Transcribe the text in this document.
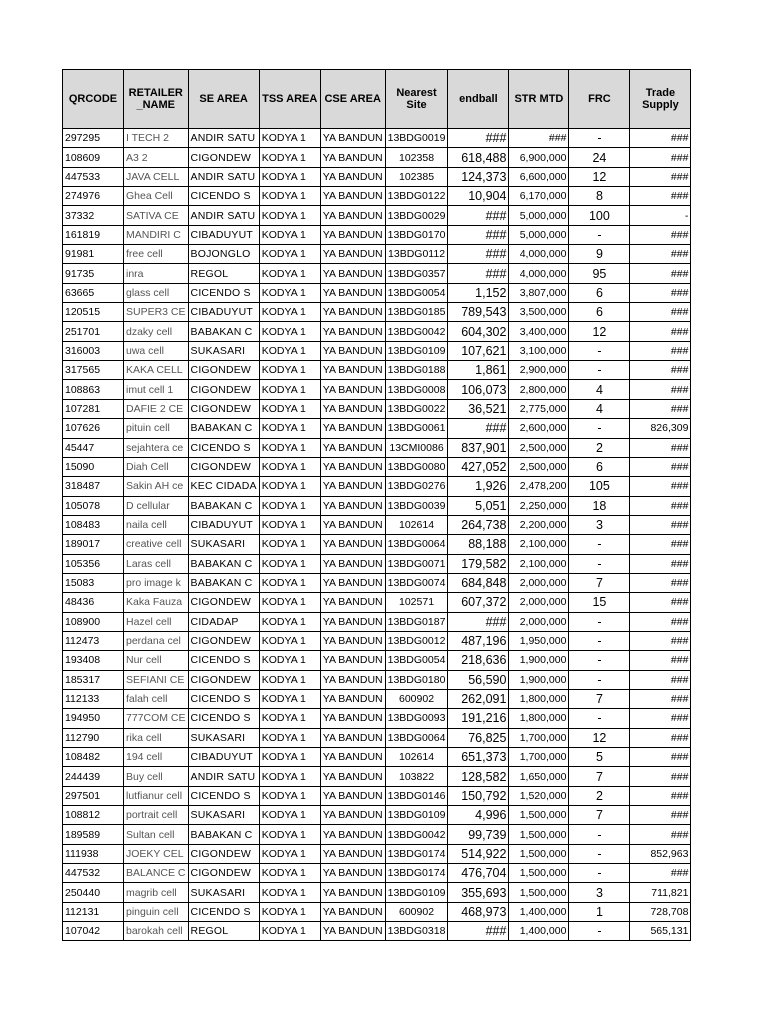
QRCODE	RETAILER _NAME	SE AREA	TSS AREA	CSE AREA	Nearest Site	endball	STR MTD	FRC	Trade Supply
297295	I TECH 2	ANDIR SATU	KODYA 1	YA BANDUN	13BDG0019	###	###	-	###
108609	A3 2	CIGONDEW	KODYA 1	YA BANDUN	102358	618,488	6,900,000	24	###
447533	JAVA CELL	ANDIR SATU	KODYA 1	YA BANDUN	102385	124,373	6,600,000	12	###
274976	Ghea Cell	CICENDO S	KODYA 1	YA BANDUN	13BDG0122	10,904	6,170,000	8	###
37332	SATIVA CE	ANDIR SATU	KODYA 1	YA BANDUN	13BDG0029	###	5,000,000	100	-
161819	MANDIRI C	CIBADUYUT	KODYA 1	YA BANDUN	13BDG0170	###	5,000,000	-	###
91981	free cell	BOJONGLO	KODYA 1	YA BANDUN	13BDG0112	###	4,000,000	9	###
91735	inra	REGOL	KODYA 1	YA BANDUN	13BDG0357	###	4,000,000	95	###
63665	glass cell	CICENDO S	KODYA 1	YA BANDUN	13BDG0054	1,152	3,807,000	6	###
120515	SUPER3 CE	CIBADUYUT	KODYA 1	YA BANDUN	13BDG0185	789,543	3,500,000	6	###
251701	dzaky cell	BABAKAN C	KODYA 1	YA BANDUN	13BDG0042	604,302	3,400,000	12	###
316003	uwa cell	SUKASARI	KODYA 1	YA BANDUN	13BDG0109	107,621	3,100,000	-	###
317565	KAKA CELL	CIGONDEW	KODYA 1	YA BANDUN	13BDG0188	1,861	2,900,000	-	###
108863	imut cell 1	CIGONDEW	KODYA 1	YA BANDUN	13BDG0008	106,073	2,800,000	4	###
107281	DAFIE 2 CE	CIGONDEW	KODYA 1	YA BANDUN	13BDG0022	36,521	2,775,000	4	###
107626	pituin cell	BABAKAN C	KODYA 1	YA BANDUN	13BDG0061	###	2,600,000	-	826,309
45447	sejahtera ce	CICENDO S	KODYA 1	YA BANDUN	13CMI0086	837,901	2,500,000	2	###
15090	Diah Cell	CIGONDEW	KODYA 1	YA BANDUN	13BDG0080	427,052	2,500,000	6	###
318487	Sakin AH ce	KEC CIDADA	KODYA 1	YA BANDUN	13BDG0276	1,926	2,478,200	105	###
105078	D cellular	BABAKAN C	KODYA 1	YA BANDUN	13BDG0039	5,051	2,250,000	18	###
108483	naila cell	CIBADUYUT	KODYA 1	YA BANDUN	102614	264,738	2,200,000	3	###
189017	creative cell	SUKASARI	KODYA 1	YA BANDUN	13BDG0064	88,188	2,100,000	-	###
105356	Laras cell	BABAKAN C	KODYA 1	YA BANDUN	13BDG0071	179,582	2,100,000	-	###
15083	pro image k	BABAKAN C	KODYA 1	YA BANDUN	13BDG0074	684,848	2,000,000	7	###
48436	Kaka Fauza	CIGONDEW	KODYA 1	YA BANDUN	102571	607,372	2,000,000	15	###
108900	Hazel cell	CIDADAP	KODYA 1	YA BANDUN	13BDG0187	###	2,000,000	-	###
112473	perdana cel	CIGONDEW	KODYA 1	YA BANDUN	13BDG0012	487,196	1,950,000	-	###
193408	Nur cell	CICENDO S	KODYA 1	YA BANDUN	13BDG0054	218,636	1,900,000	-	###
185317	SEFIANI CE	CIGONDEW	KODYA 1	YA BANDUN	13BDG0180	56,590	1,900,000	-	###
112133	falah cell	CICENDO S	KODYA 1	YA BANDUN	600902	262,091	1,800,000	7	###
194950	777COM CE	CICENDO S	KODYA 1	YA BANDUN	13BDG0093	191,216	1,800,000	-	###
112790	rika cell	SUKASARI	KODYA 1	YA BANDUN	13BDG0064	76,825	1,700,000	12	###
108482	194 cell	CIBADUYUT	KODYA 1	YA BANDUN	102614	651,373	1,700,000	5	###
244439	Buy cell	ANDIR SATU	KODYA 1	YA BANDUN	103822	128,582	1,650,000	7	###
297501	lutfianur cell	CICENDO S	KODYA 1	YA BANDUN	13BDG0146	150,792	1,520,000	2	###
108812	portrait cell	SUKASARI	KODYA 1	YA BANDUN	13BDG0109	4,996	1,500,000	7	###
189589	Sultan cell	BABAKAN C	KODYA 1	YA BANDUN	13BDG0042	99,739	1,500,000	-	###
111938	JOEKY CEL	CIGONDEW	KODYA 1	YA BANDUN	13BDG0174	514,922	1,500,000	-	852,963
447532	BALANCE C	CIGONDEW	KODYA 1	YA BANDUN	13BDG0174	476,704	1,500,000	-	###
250440	magrib cell	SUKASARI	KODYA 1	YA BANDUN	13BDG0109	355,693	1,500,000	3	711,821
112131	pinguin cell	CICENDO S	KODYA 1	YA BANDUN	600902	468,973	1,400,000	1	728,708
107042	barokah cell	REGOL	KODYA 1	YA BANDUN	13BDG0318	###	1,400,000	-	565,131
